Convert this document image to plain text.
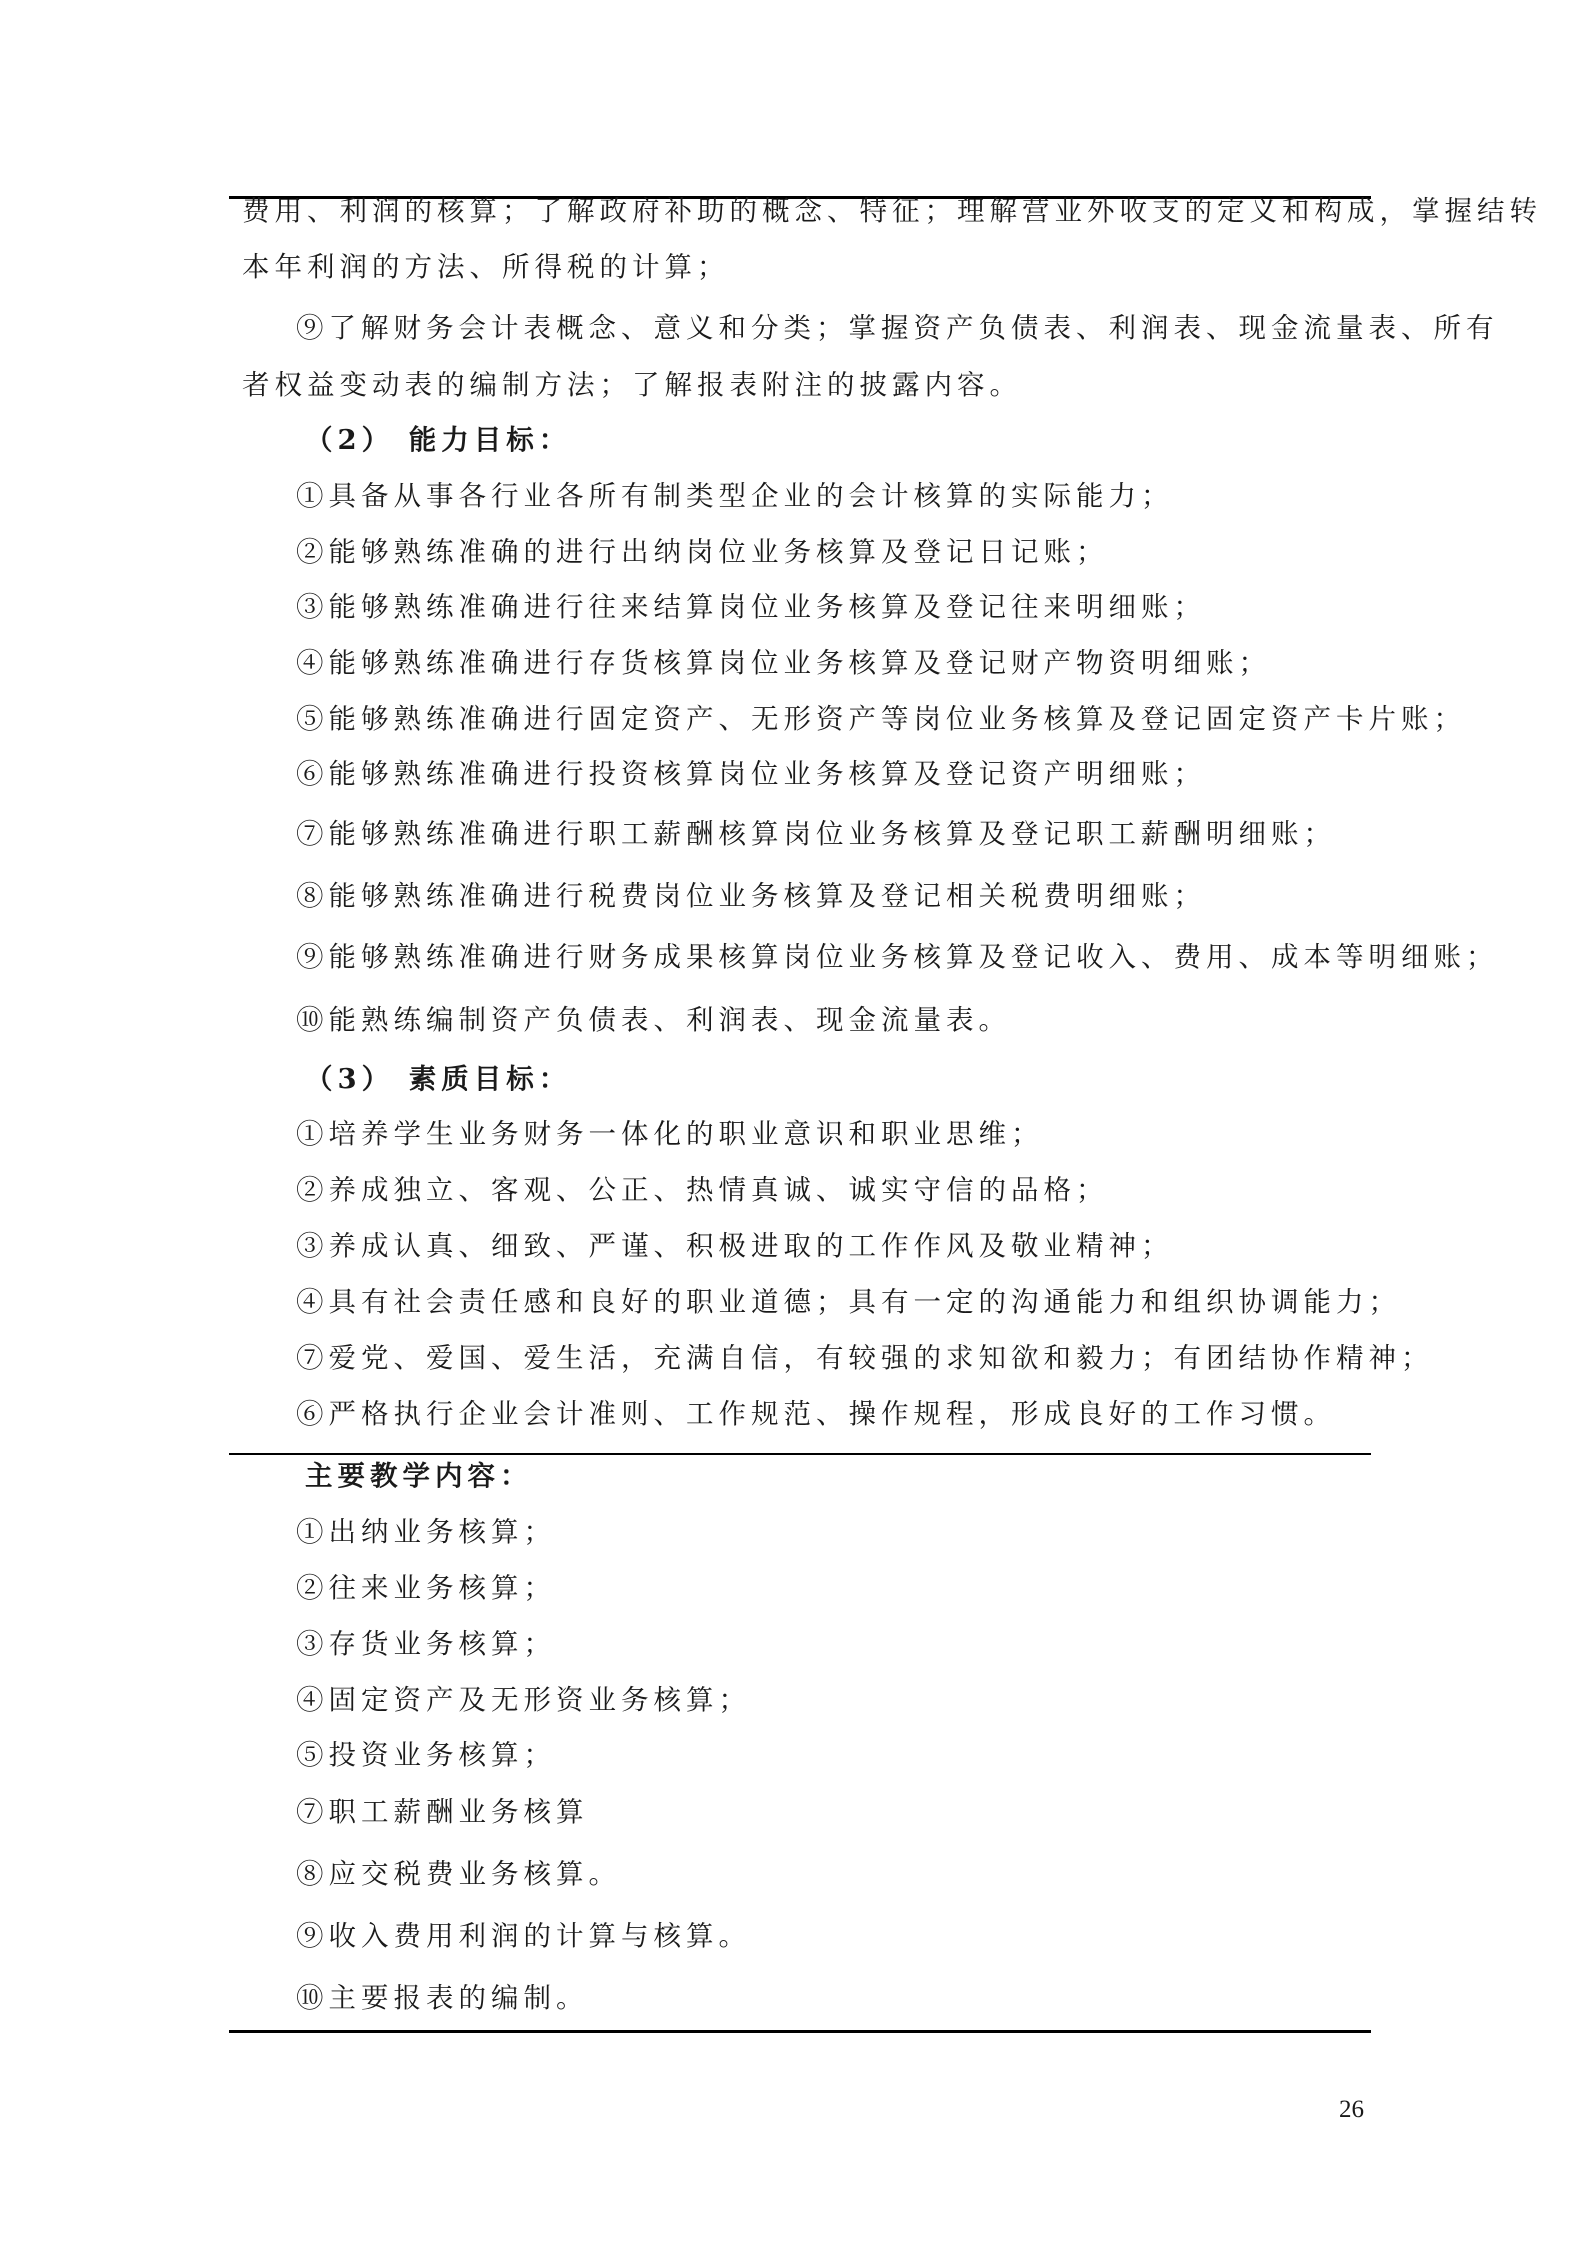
费用、利润的核算；了解政府补助的概念、特征；理解营业外收支的定义和构成，掌握结转
本年利润的方法、所得税的计算；
⑨了解财务会计表概念、意义和分类；掌握资产负债表、利润表、现金流量表、所有
者权益变动表的编制方法；了解报表附注的披露内容。
（2） 能力目标：
①具备从事各行业各所有制类型企业的会计核算的实际能力；
②能够熟练准确的进行出纳岗位业务核算及登记日记账；
③能够熟练准确进行往来结算岗位业务核算及登记往来明细账；
④能够熟练准确进行存货核算岗位业务核算及登记财产物资明细账；
⑤能够熟练准确进行固定资产、无形资产等岗位业务核算及登记固定资产卡片账；
⑥能够熟练准确进行投资核算岗位业务核算及登记资产明细账；
⑦能够熟练准确进行职工薪酬核算岗位业务核算及登记职工薪酬明细账；
⑧能够熟练准确进行税费岗位业务核算及登记相关税费明细账；
⑨能够熟练准确进行财务成果核算岗位业务核算及登记收入、费用、成本等明细账；
⑩能熟练编制资产负债表、利润表、现金流量表。
（3） 素质目标：
①培养学生业务财务一体化的职业意识和职业思维；
②养成独立、客观、公正、热情真诚、诚实守信的品格；
③养成认真、细致、严谨、积极进取的工作作风及敬业精神；
④具有社会责任感和良好的职业道德；具有一定的沟通能力和组织协调能力；
⑦爱党、爱国、爱生活，充满自信，有较强的求知欲和毅力；有团结协作精神；
⑥严格执行企业会计准则、工作规范、操作规程，形成良好的工作习惯。
主要教学内容：
①出纳业务核算；
②往来业务核算；
③存货业务核算；
④固定资产及无形资业务核算；
⑤投资业务核算；
⑦职工薪酬业务核算
⑧应交税费业务核算。
⑨收入费用利润的计算与核算。
⑩主要报表的编制。
26
